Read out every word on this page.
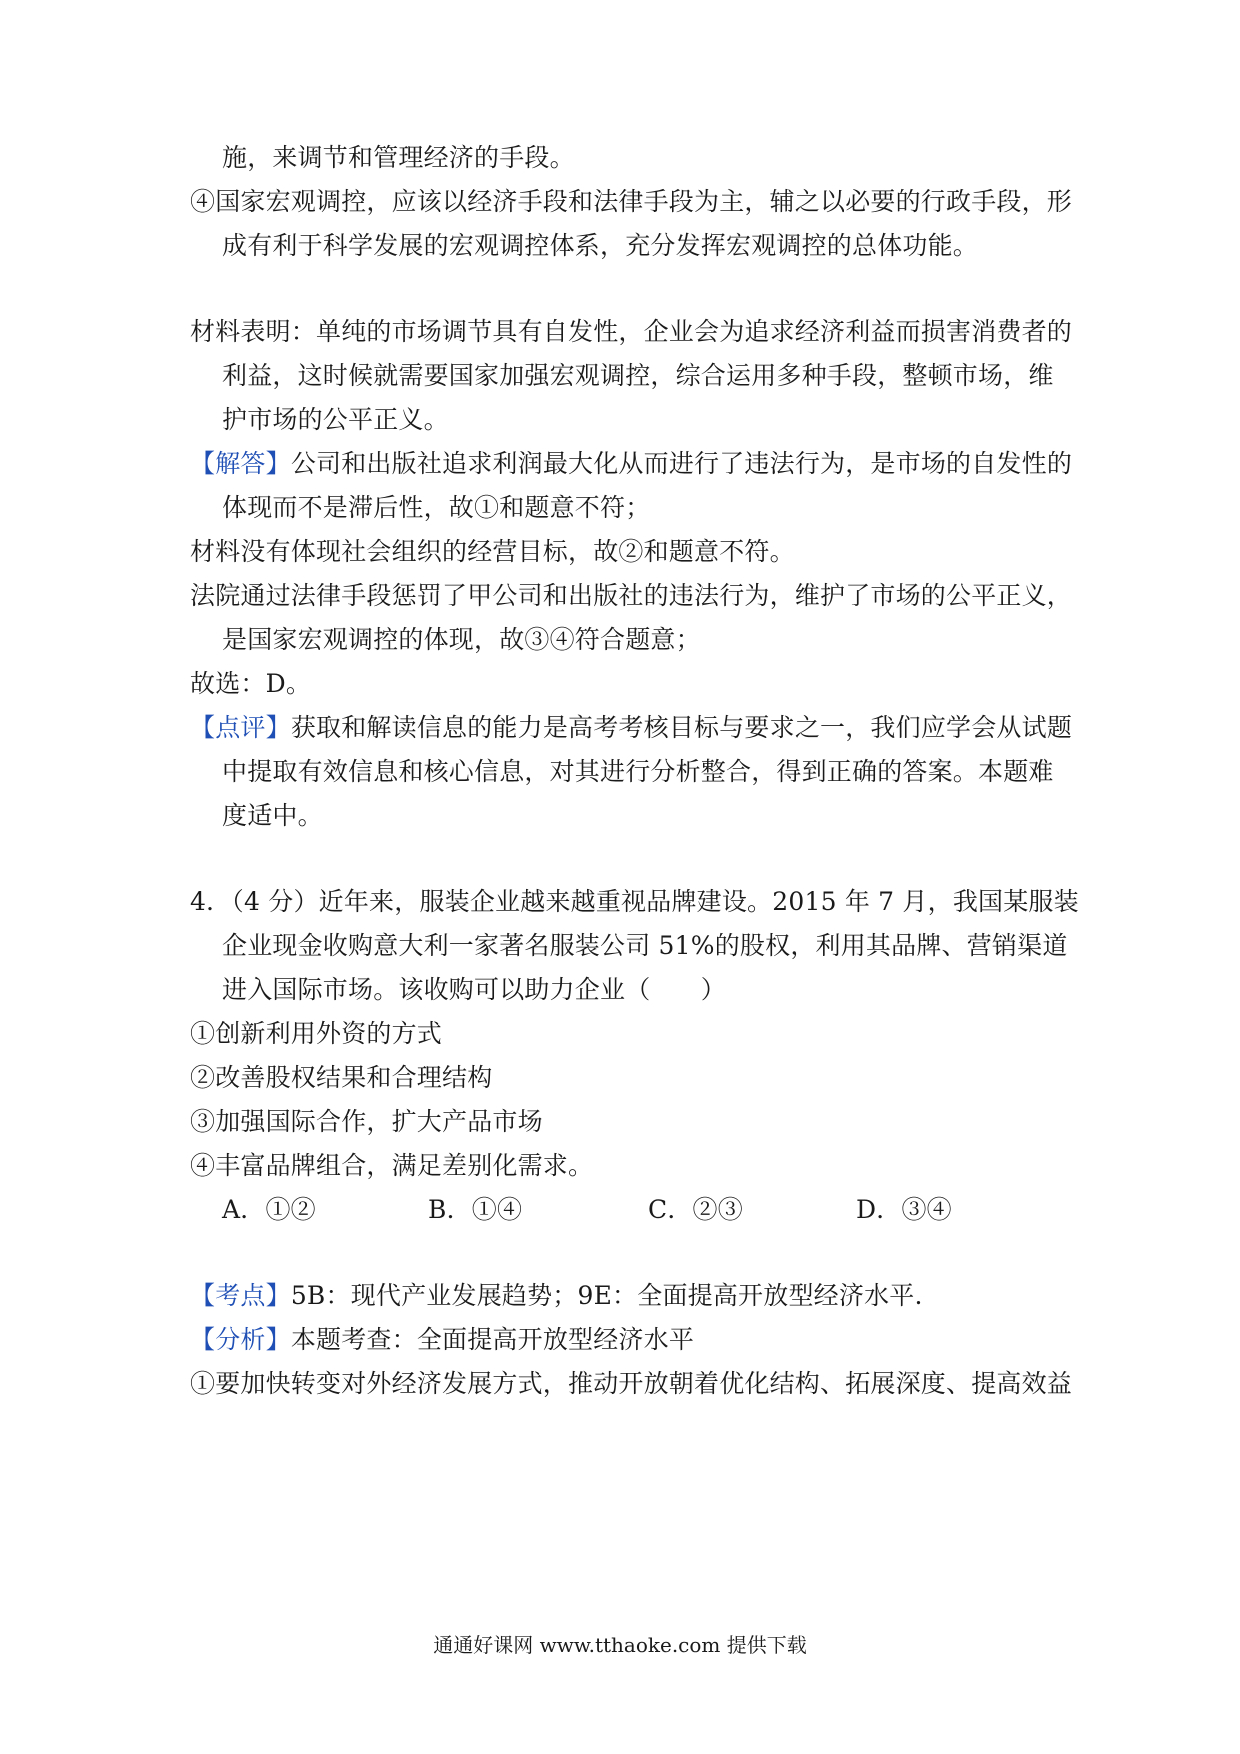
施，来调节和管理经济的手段。
④国家宏观调控，应该以经济手段和法律手段为主，辅之以必要的行政手段，形
成有利于科学发展的宏观调控体系，充分发挥宏观调控的总体功能。
材料表明：单纯的市场调节具有自发性，企业会为追求经济利益而损害消费者的
利益，这时候就需要国家加强宏观调控，综合运用多种手段，整顿市场，维
护市场的公平正义。
【解答】公司和出版社追求利润最大化从而进行了违法行为，是市场的自发性的
体现而不是滞后性，故①和题意不符；
材料没有体现社会组织的经营目标，故②和题意不符。
法院通过法律手段惩罚了甲公司和出版社的违法行为，维护了市场的公平正义，
是国家宏观调控的体现，故③④符合题意；
故选：D。
【点评】获取和解读信息的能力是高考考核目标与要求之一，我们应学会从试题
中提取有效信息和核心信息，对其进行分析整合，得到正确的答案。本题难
度适中。
4．（4 分）近年来，服装企业越来越重视品牌建设。2015 年 7 月，我国某服装
企业现金收购意大利一家著名服装公司 51%的股权，利用其品牌、营销渠道
进入国际市场。该收购可以助力企业（　　）
①创新利用外资的方式
②改善股权结果和合理结构
③加强国际合作，扩大产品市场
④丰富品牌组合，满足差别化需求。
A．①②	B．①④	C．②③	D．③④
【考点】5B：现代产业发展趋势；9E：全面提高开放型经济水平.
【分析】本题考查：全面提高开放型经济水平
①要加快转变对外经济发展方式，推动开放朝着优化结构、拓展深度、提高效益
通通好课网 www.tthaoke.com 提供下载
